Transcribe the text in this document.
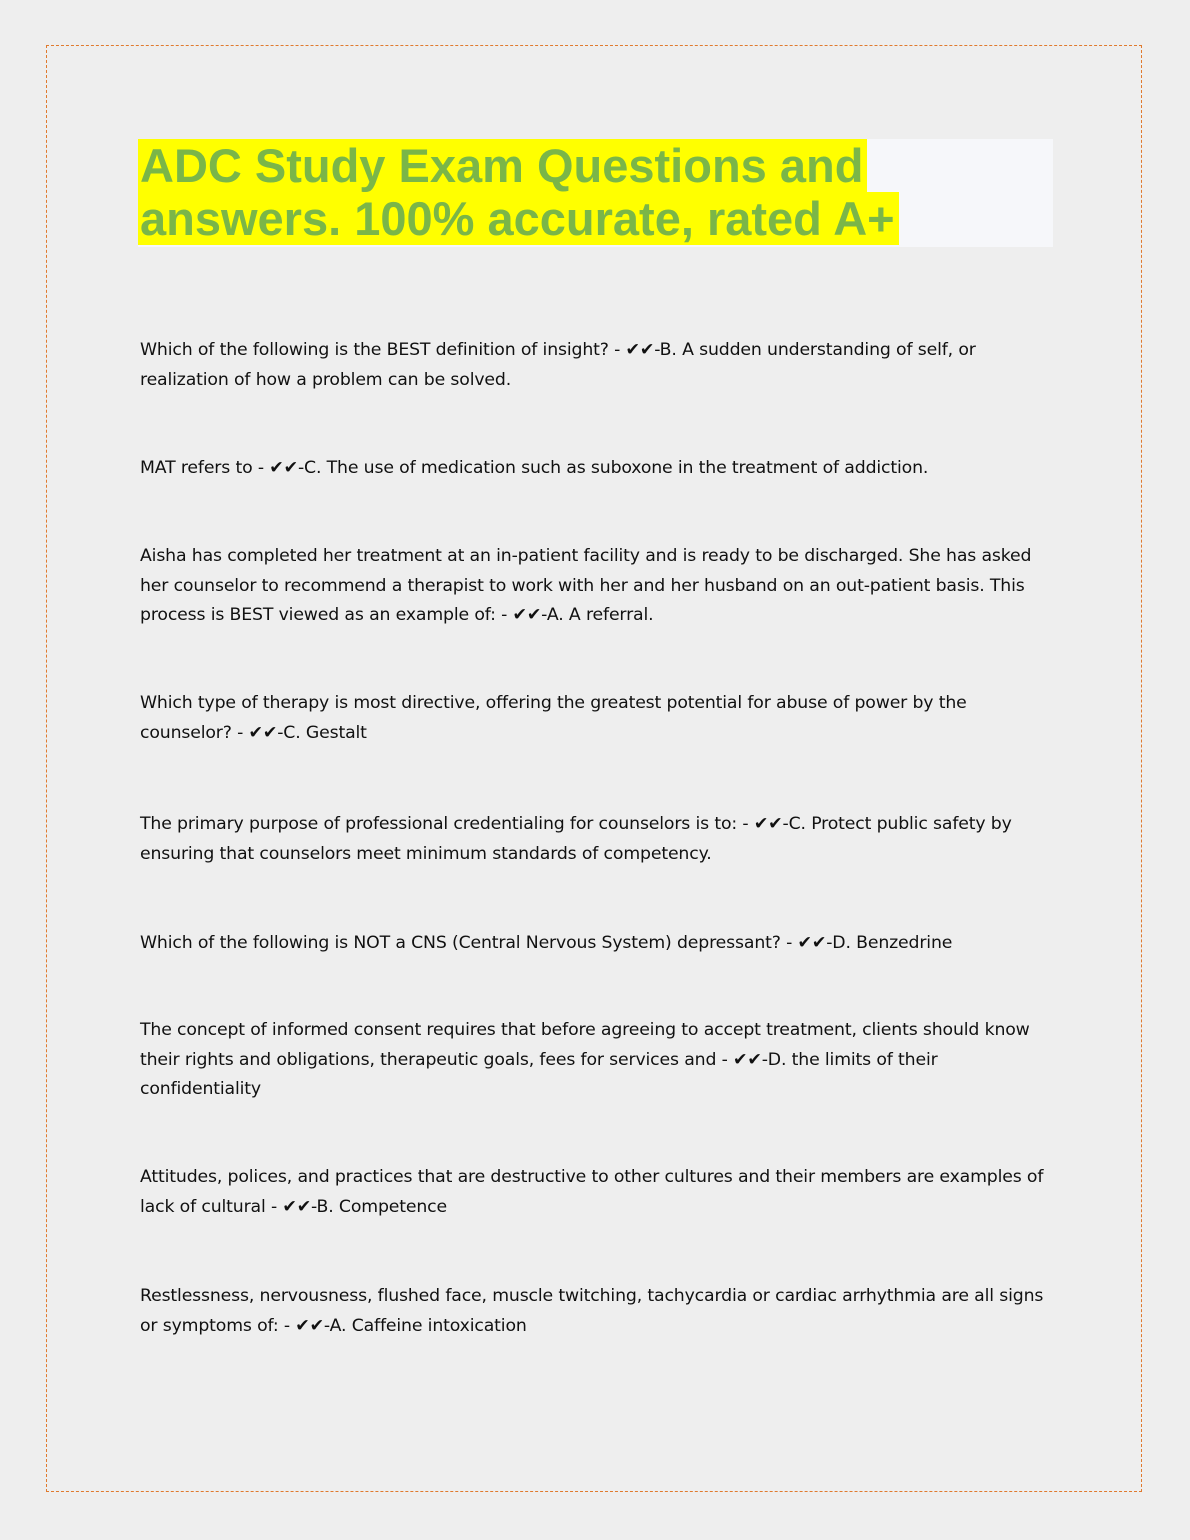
ADC Study Exam Questions and
answers. 100% accurate, rated A+
Which of the following is the BEST definition of insight? - ✔✔-B. A sudden understanding of self, or realization of how a problem can be solved.
MAT refers to - ✔✔-C. The use of medication such as suboxone in the treatment of addiction.
Aisha has completed her treatment at an in-patient facility and is ready to be discharged. She has asked her counselor to recommend a therapist to work with her and her husband on an out-patient basis. This process is BEST viewed as an example of: - ✔✔-A. A referral.
Which type of therapy is most directive, offering the greatest potential for abuse of power by the counselor? - ✔✔-C. Gestalt
The primary purpose of professional credentialing for counselors is to: - ✔✔-C. Protect public safety by ensuring that counselors meet minimum standards of competency.
Which of the following is NOT a CNS (Central Nervous System) depressant? - ✔✔-D. Benzedrine
The concept of informed consent requires that before agreeing to accept treatment, clients should know their rights and obligations, therapeutic goals, fees for services and - ✔✔-D. the limits of their confidentiality
Attitudes, polices, and practices that are destructive to other cultures and their members are examples of lack of cultural - ✔✔-B. Competence
Restlessness, nervousness, flushed face, muscle twitching, tachycardia or cardiac arrhythmia are all signs or symptoms of: - ✔✔-A. Caffeine intoxication
